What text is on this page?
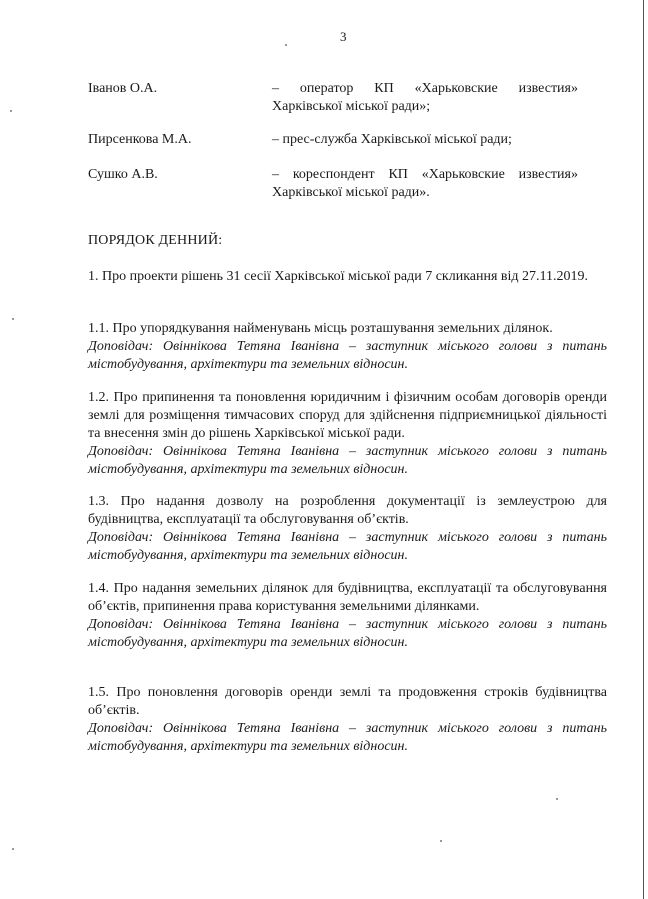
3
Іванов О.А.	– оператор КП «Харьковские известия» Харківської міської ради»;
Пирсенкова М.А.	– прес-служба Харківської міської ради;
Сушко А.В.	– кореспондент КП «Харьковские известия» Харківської міської ради».
ПОРЯДОК ДЕННИЙ:
1. Про проекти рішень 31 сесії Харківської міської ради 7 скликання від 27.11.2019.
1.1. Про упорядкування найменувань місць розташування земельних ділянок.
Доповідач: Овіннікова Тетяна Іванівна – заступник міського голови з питань містобудування, архітектури та земельних відносин.
1.2. Про припинення та поновлення юридичним і фізичним особам договорів оренди землі для розміщення тимчасових споруд для здійснення підприємницької діяльності та внесення змін до рішень Харківської міської ради.
Доповідач: Овіннікова Тетяна Іванівна – заступник міського голови з питань містобудування, архітектури та земельних відносин.
1.3. Про надання дозволу на розроблення документації із землеустрою для будівництва, експлуатації та обслуговування об’єктів.
Доповідач: Овіннікова Тетяна Іванівна – заступник міського голови з питань містобудування, архітектури та земельних відносин.
1.4. Про надання земельних ділянок для будівництва, експлуатації та обслуговування об’єктів, припинення права користування земельними ділянками.
Доповідач: Овіннікова Тетяна Іванівна – заступник міського голови з питань містобудування, архітектури та земельних відносин.
1.5. Про поновлення договорів оренди землі та продовження строків будівництва об’єктів.
Доповідач: Овіннікова Тетяна Іванівна – заступник міського голови з питань містобудування, архітектури та земельних відносин.
